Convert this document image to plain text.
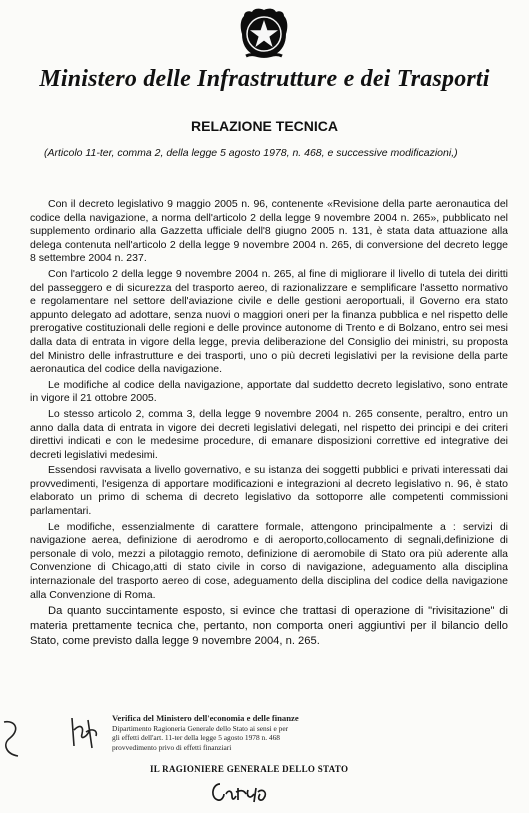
Ministero delle Infrastrutture e dei Trasporti
RELAZIONE TECNICA
(Articolo 11-ter, comma 2, della legge 5 agosto 1978, n. 468, e successive modificazioni,)

Con il decreto legislativo 9 maggio 2005 n. 96, contenente «Revisione della parte aeronautica del codice della navigazione, a norma dell'articolo 2 della legge 9 novembre 2004 n. 265», pubblicato nel supplemento ordinario alla Gazzetta ufficiale dell'8 giugno 2005 n. 131, è stata data attuazione alla delega contenuta nell'articolo 2 della legge 9 novembre 2004 n. 265, di conversione del decreto legge 8 settembre 2004 n. 237.

Con l'articolo 2 della legge 9 novembre 2004 n. 265, al fine di migliorare il livello di tutela dei diritti del passeggero e di sicurezza del trasporto aereo, di razionalizzare e semplificare l'assetto normativo e regolamentare nel settore dell'aviazione civile e delle gestioni aeroportuali, il Governo era stato appunto delegato ad adottare, senza nuovi o maggiori oneri per la finanza pubblica e nel rispetto delle prerogative costituzionali delle regioni e delle province autonome di Trento e di Bolzano, entro sei mesi dalla data di entrata in vigore della legge, previa deliberazione del Consiglio dei ministri, su proposta del Ministro delle infrastrutture e dei trasporti, uno o più decreti legislativi per la revisione della parte aeronautica del codice della navigazione.

Le modifiche al codice della navigazione, apportate dal suddetto decreto legislativo, sono entrate in vigore il 21 ottobre 2005.

Lo stesso articolo 2, comma 3, della legge 9 novembre 2004 n. 265 consente, peraltro, entro un anno dalla data di entrata in vigore dei decreti legislativi delegati, nel rispetto dei principi e dei criteri direttivi indicati e con le medesime procedure, di emanare disposizioni correttive ed integrative dei decreti legislativi medesimi.

Essendosi ravvisata a livello governativo, e su istanza dei soggetti pubblici e privati interessati dai provvedimenti, l'esigenza di apportare modificazioni e integrazioni al decreto legislativo n. 96, è stato elaborato un primo di schema di decreto legislativo da sottoporre alle competenti commissioni parlamentari.

Le modifiche, essenzialmente di carattere formale, attengono principalmente a : servizi di navigazione aerea, definizione di aerodromo e di aeroporto,collocamento di segnali,definizione di personale di volo, mezzi a pilotaggio remoto, definizione di aeromobile di Stato ora più aderente alla Convenzione di Chicago,atti di stato civile in corso di navigazione, adeguamento alla disciplina internazionale del trasporto aereo di cose, adeguamento della disciplina del codice della navigazione alla Convenzione di Roma.

Da quanto succintamente esposto, si evince che trattasi di operazione di "rivisitazione" di materia prettamente tecnica che, pertanto, non comporta oneri aggiuntivi per il bilancio dello Stato, come previsto dalla legge 9 novembre 2004, n. 265.

Verifica del Ministero dell'economia e delle finanze
Dipartimento Ragioneria Generale dello Stato ai sensi e per
gli effetti dell'art. 11-ter della legge 5 agosto 1978 n. 468
provvedimento privo di effetti finanziari
IL RAGIONIERE GENERALE DELLO STATO
